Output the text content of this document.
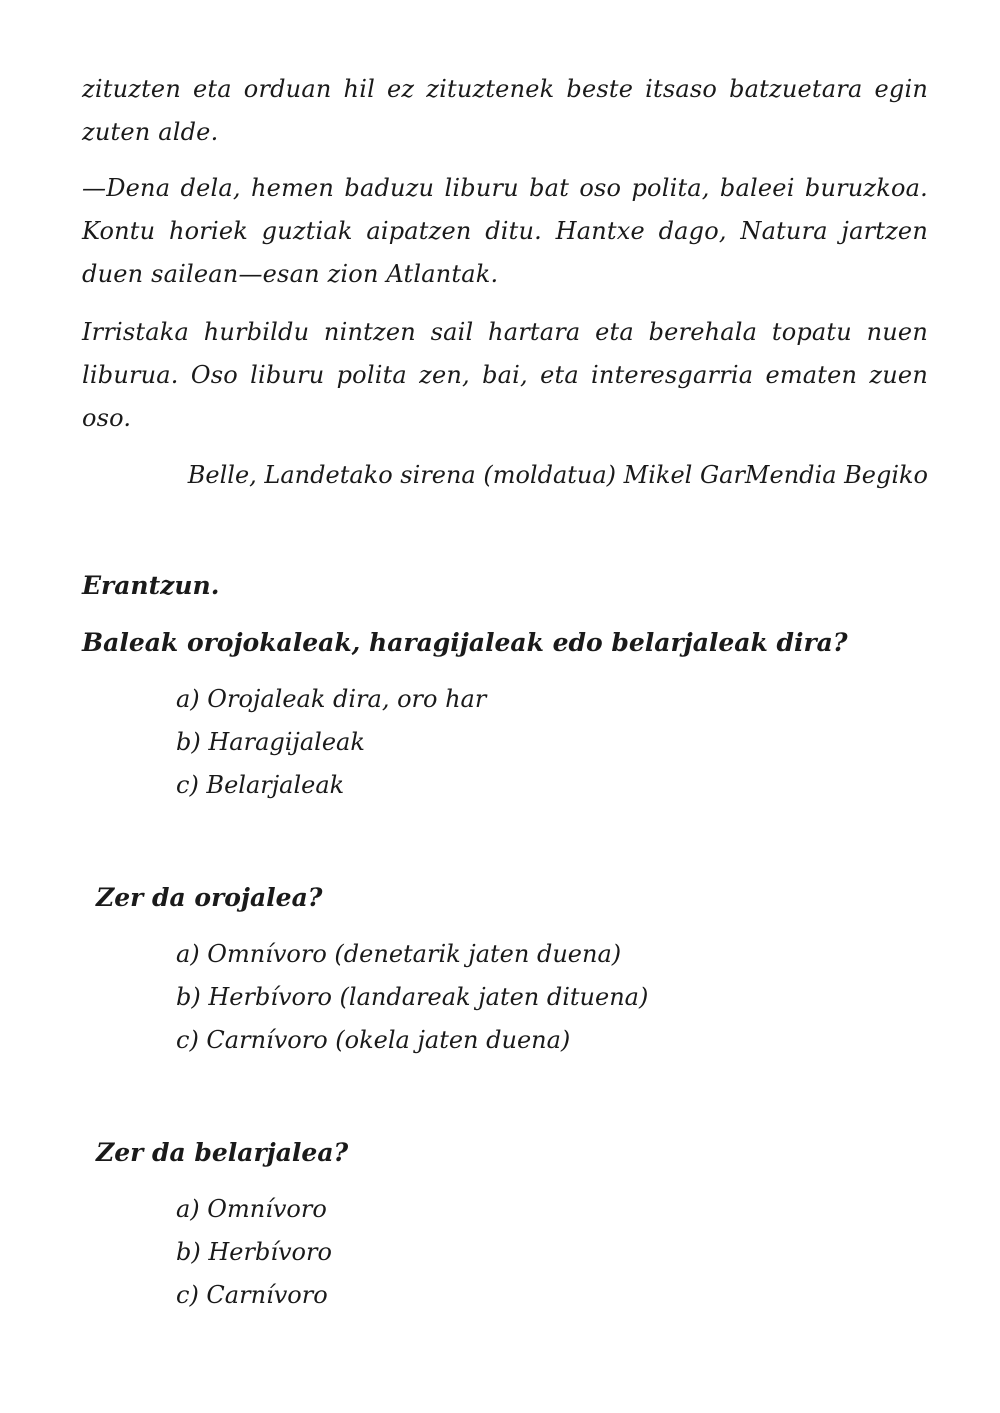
zituzten eta orduan hil ez zituztenek beste itsaso batzuetara egin zuten alde.

—Dena dela, hemen baduzu liburu bat oso polita, baleei buruzkoa. Kontu horiek guztiak aipatzen ditu. Hantxe dago, Natura jartzen duen sailean—esan zion Atlantak.

Irristaka hurbildu nintzen sail hartara eta berehala topatu nuen liburua. Oso liburu polita zen, bai, eta interesgarria ematen zuen oso.

Belle, Landetako sirena (moldatua) Mikel GarMendia Begiko

Erantzun.

Baleak orojokaleak, haragijaleak edo belarjaleak dira?

a) Orojaleak dira, oro har
b) Haragijaleak
c) Belarjaleak

Zer da orojalea?

a) Omnívoro (denetarik jaten duena)
b) Herbívoro (landareak jaten dituena)
c) Carnívoro (okela jaten duena)

Zer da belarjalea?

a) Omnívoro
b) Herbívoro
c) Carnívoro
